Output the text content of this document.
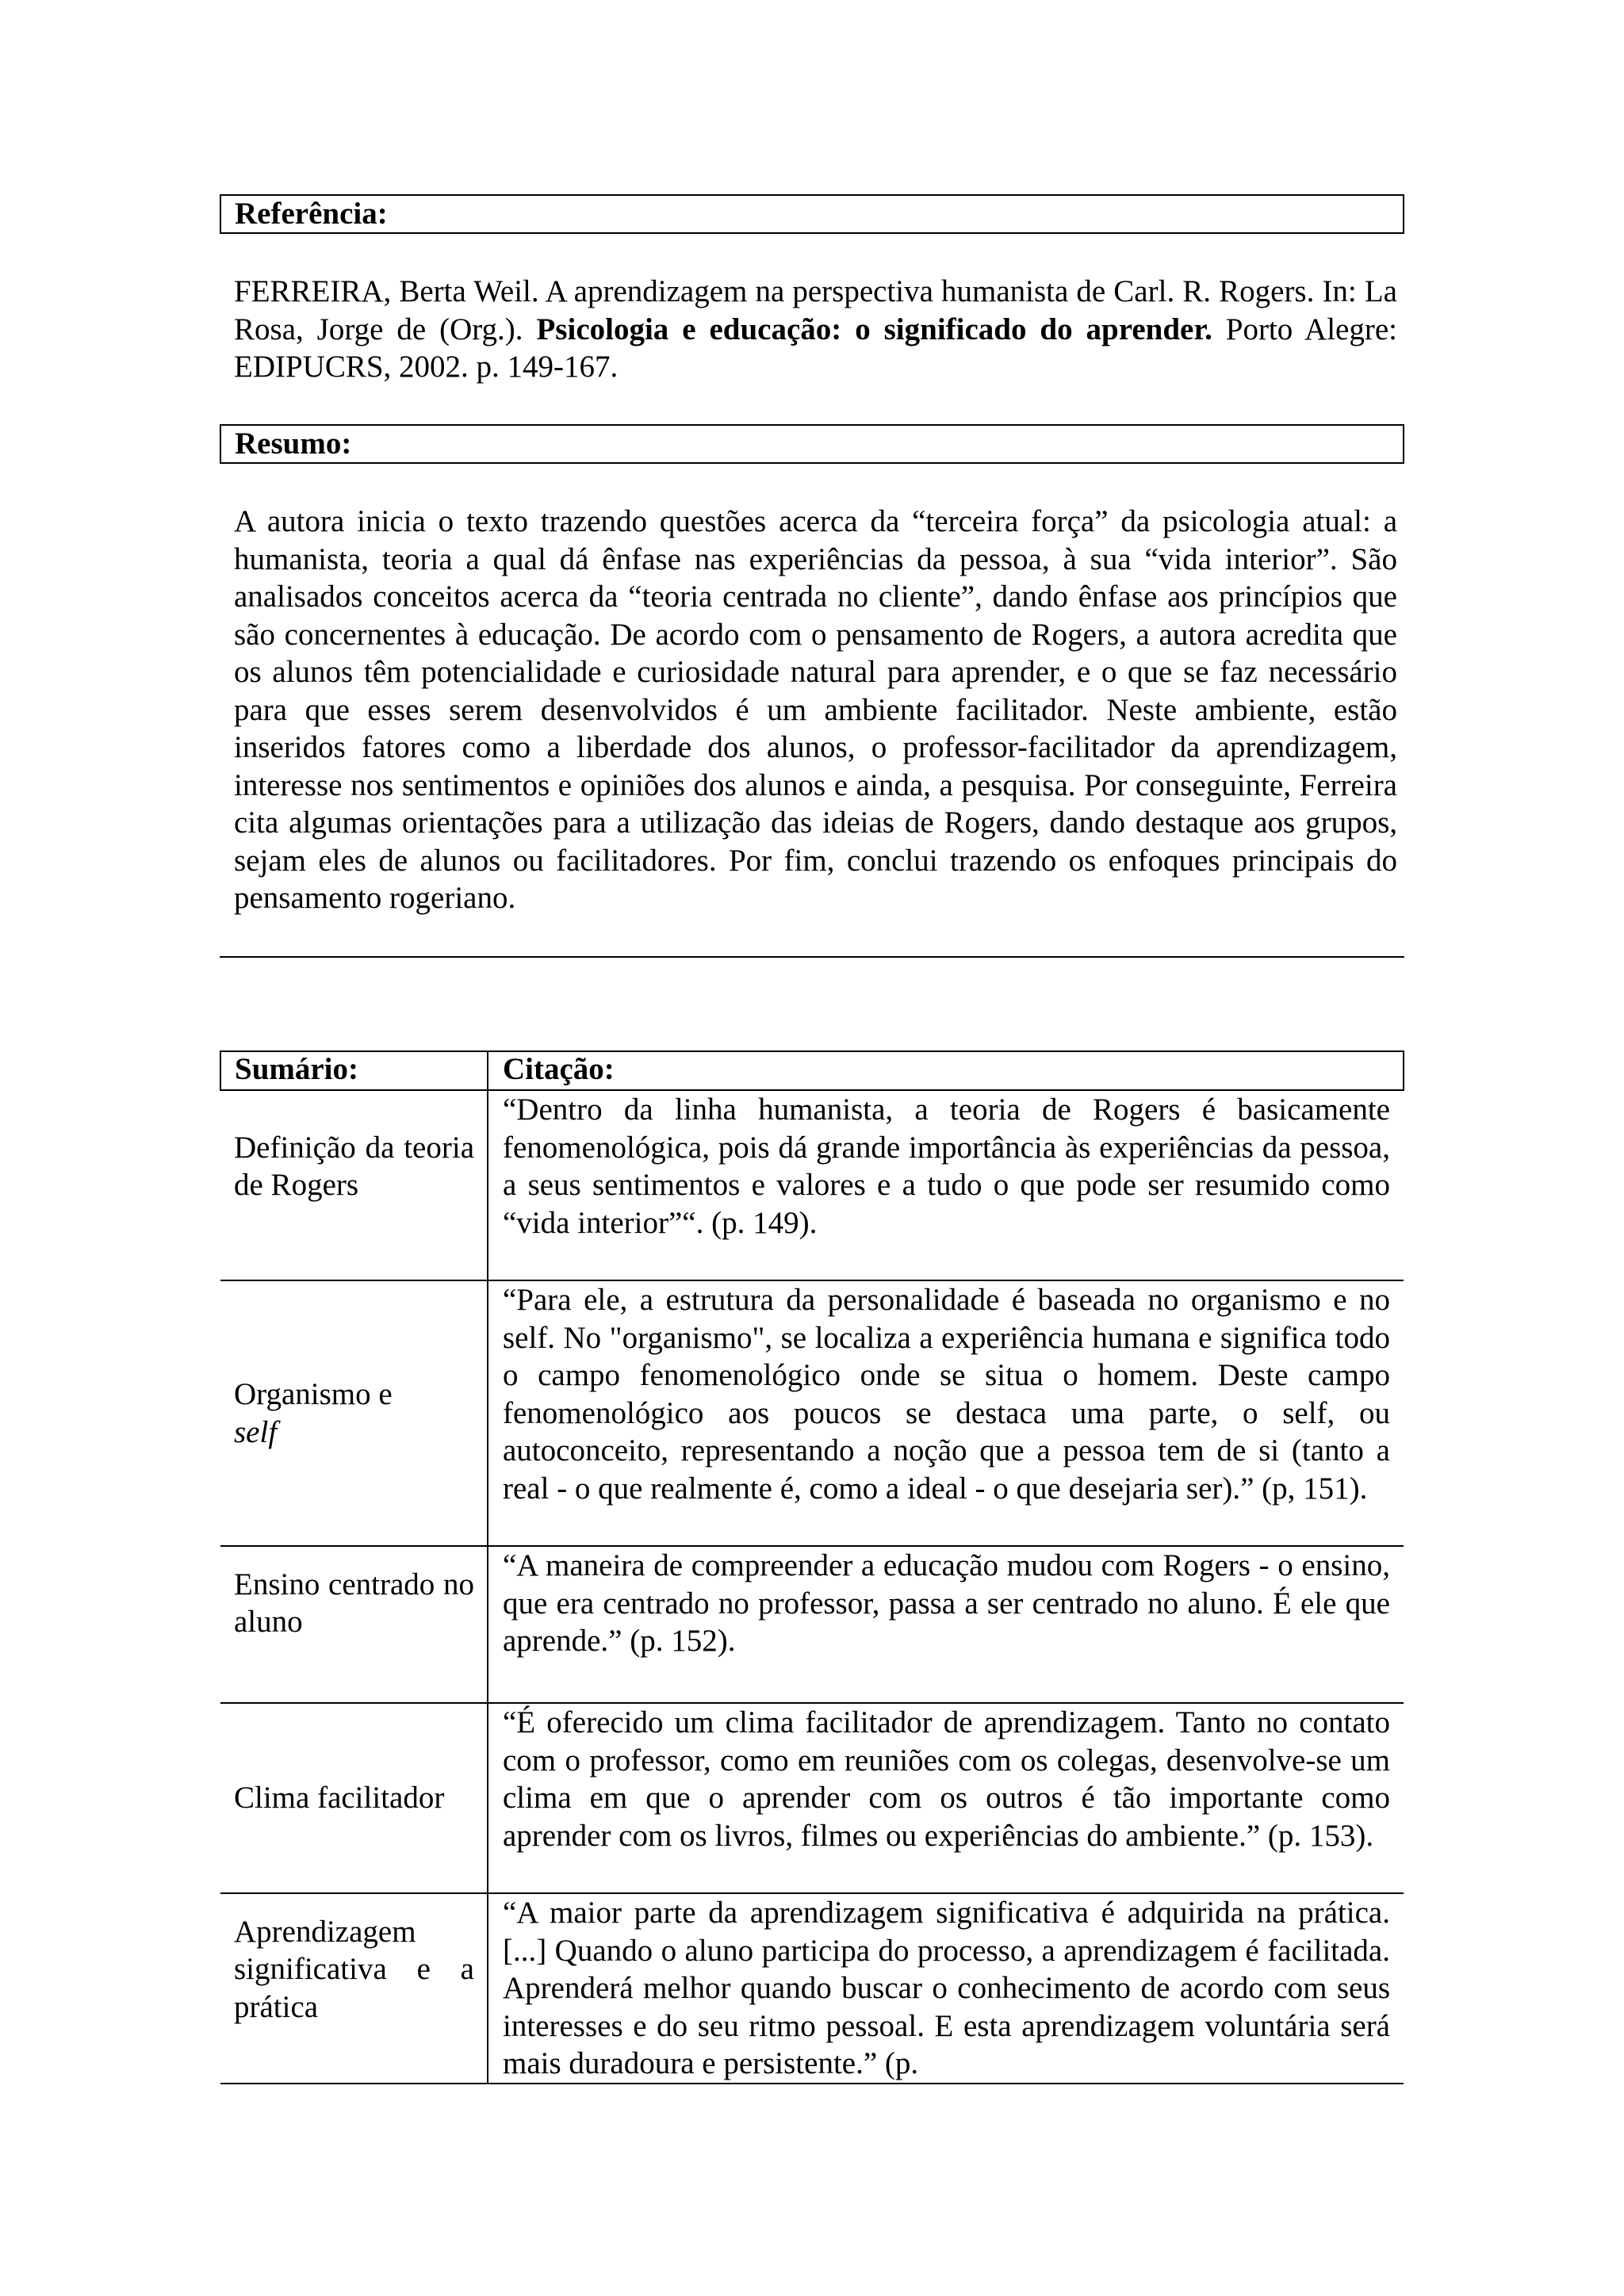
Referência:

FERREIRA, Berta Weil. A aprendizagem na perspectiva humanista de Carl. R. Rogers. In: La Rosa, Jorge de (Org.). Psicologia e educação: o significado do aprender. Porto Alegre: EDIPUCRS, 2002. p. 149-167.

Resumo:

A autora inicia o texto trazendo questões acerca da “terceira força” da psicologia atual: a humanista, teoria a qual dá ênfase nas experiências da pessoa, à sua “vida interior”. São analisados conceitos acerca da “teoria centrada no cliente”, dando ênfase aos princípios que são concernentes à educação. De acordo com o pensamento de Rogers, a autora acredita que os alunos têm potencialidade e curiosidade natural para aprender, e o que se faz necessário para que esses serem desenvolvidos é um ambiente facilitador. Neste ambiente, estão inseridos fatores como a liberdade dos alunos, o professor-facilitador da aprendizagem, interesse nos sentimentos e opiniões dos alunos e ainda, a pesquisa. Por conseguinte, Ferreira cita algumas orientações para a utilização das ideias de Rogers, dando destaque aos grupos, sejam eles de alunos ou facilitadores. Por fim, conclui trazendo os enfoques principais do pensamento rogeriano.

Sumário:	Citação:

Definição da teoria de Rogers	“Dentro da linha humanista, a teoria de Rogers é basicamente fenomenológica, pois dá grande importância às experiências da pessoa, a seus sentimentos e valores e a tudo o que pode ser resumido como “vida interior”“. (p. 149).

Organismo e
self	“Para ele, a estrutura da personalidade é baseada no organismo e no self. No "organismo", se localiza a experiência humana e significa todo o campo fenomenológico onde se situa o homem. Deste campo fenomenológico aos poucos se destaca uma parte, o self, ou autoconceito, representando a noção que a pessoa tem de si (tanto a real - o que realmente é, como a ideal - o que desejaria ser).” (p, 151).

Ensino centrado no aluno	“A maneira de compreender a educação mudou com Rogers - o ensino, que era centrado no professor, passa a ser centrado no aluno. É ele que aprende.” (p. 152).

Clima facilitador	“É oferecido um clima facilitador de aprendizagem. Tanto no contato com o professor, como em reuniões com os colegas, desenvolve-se um clima em que o aprender com os outros é tão importante como aprender com os livros, filmes ou experiências do ambiente.” (p. 153).

Aprendizagem significativa e a prática	“A maior parte da aprendizagem significativa é adquirida na prática. [...] Quando o aluno participa do processo, a aprendizagem é facilitada. Aprenderá melhor quando buscar o conhecimento de acordo com seus interesses e do seu ritmo pessoal. E esta aprendizagem voluntária será mais duradoura e persistente.” (p.
